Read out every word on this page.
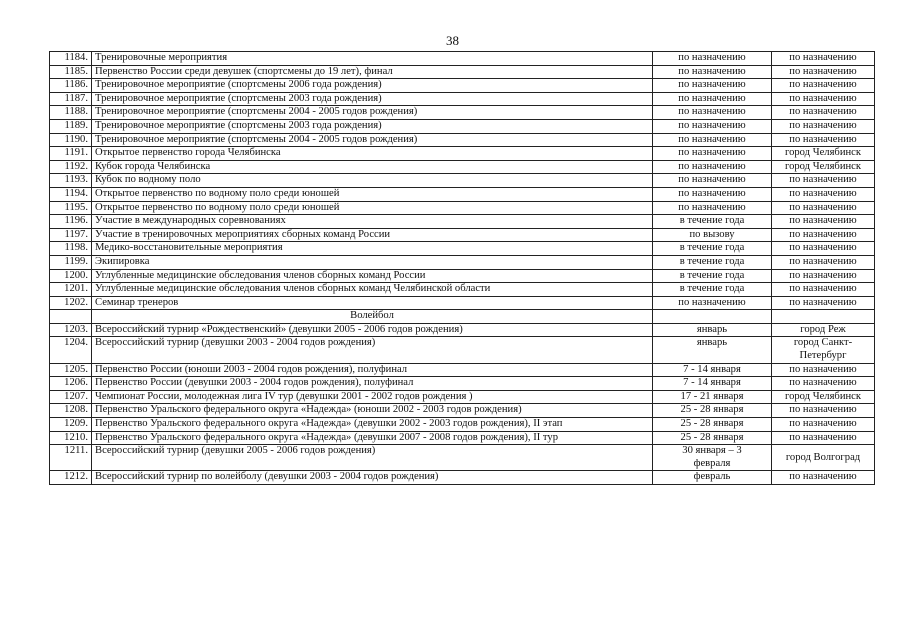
38
1184.	Тренировочные мероприятия	по назначению	по назначению
1185.	Первенство России среди девушек (спортсмены до 19 лет), финал	по назначению	по назначению
1186.	Тренировочное мероприятие (спортсмены 2006 года рождения)	по назначению	по назначению
1187.	Тренировочное мероприятие (спортсмены 2003 года рождения)	по назначению	по назначению
1188.	Тренировочное мероприятие (спортсмены 2004 - 2005 годов рождения)	по назначению	по назначению
1189.	Тренировочное мероприятие (спортсмены 2003 года рождения)	по назначению	по назначению
1190.	Тренировочное мероприятие (спортсмены 2004 - 2005 годов рождения)	по назначению	по назначению
1191.	Открытое первенство города Челябинска	по назначению	город Челябинск
1192.	Кубок города Челябинска	по назначению	город Челябинск
1193.	Кубок по водному поло	по назначению	по назначению
1194.	Открытое первенство по водному поло среди юношей	по назначению	по назначению
1195.	Открытое первенство по водному поло среди юношей	по назначению	по назначению
1196.	Участие в международных соревнованиях	в течение года	по назначению
1197.	Участие в тренировочных мероприятиях сборных команд России	по вызову	по назначению
1198.	Медико-восстановительные мероприятия	в течение года	по назначению
1199.	Экипировка	в течение года	по назначению
1200.	Углубленные медицинские обследования членов сборных команд России	в течение года	по назначению
1201.	Углубленные медицинские обследования членов сборных команд Челябинской области	в течение года	по назначению
1202.	Семинар тренеров	по назначению	по назначению
	Волейбол		
1203.	Всероссийский турнир «Рождественский» (девушки 2005 - 2006 годов рождения)	январь	город Реж
1204.	Всероссийский турнир (девушки 2003 - 2004 годов рождения)	январь	город Санкт-Петербург
1205.	Первенство России (юноши 2003 - 2004 годов рождения), полуфинал	7 - 14 января	по назначению
1206.	Первенство России (девушки 2003 - 2004 годов рождения), полуфинал	7 - 14 января	по назначению
1207.	Чемпионат России, молодежная лига IV тур (девушки 2001 - 2002 годов рождения )	17 - 21 января	город Челябинск
1208.	Первенство Уральского федерального округа «Надежда» (юноши 2002 - 2003 годов рождения)	25 - 28 января	по назначению
1209.	Первенство Уральского федерального округа «Надежда» (девушки 2002 - 2003 годов рождения), II этап	25 - 28 января	по назначению
1210.	Первенство Уральского федерального округа «Надежда» (девушки 2007 - 2008 годов рождения), II тур	25 - 28 января	по назначению
1211.	Всероссийский турнир (девушки 2005 - 2006 годов рождения)	30 января – 3 февраля	город Волгоград
1212.	Всероссийский турнир по волейболу (девушки 2003 - 2004 годов рождения)	февраль	по назначению
